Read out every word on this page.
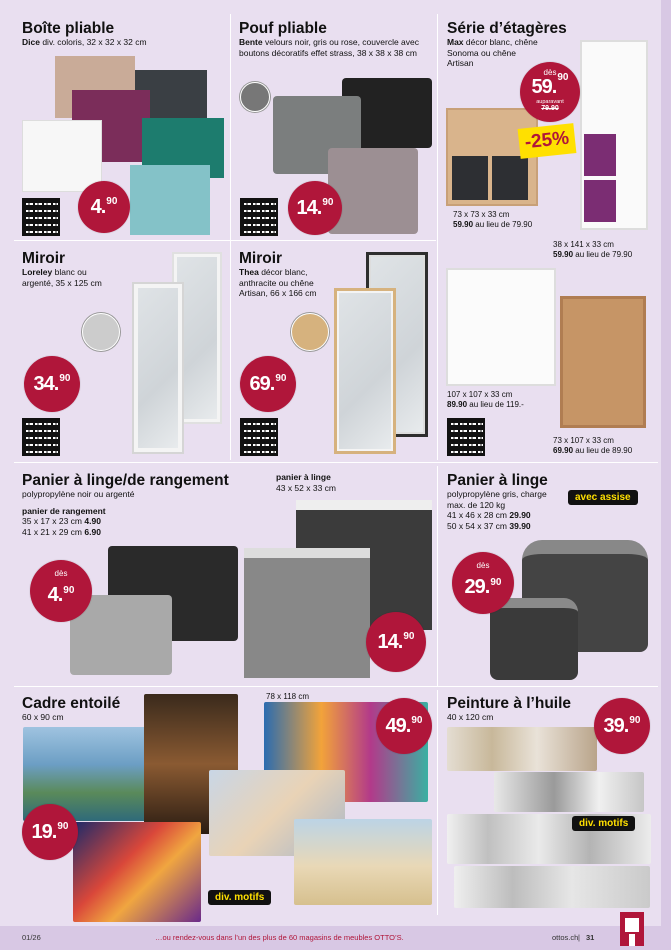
Boîte pliable
Dice div. coloris, 32 x 32 x 32 cm
4.90
Pouf pliable
Bente velours noir, gris ou rose, couvercle avec boutons décoratifs effet strass, 38 x 38 x 38 cm
14.90
Série d’étagères
Max décor blanc, chêne Sonoma ou chêne Artisan
dès
59.90
auparavant
79.90
-25%
73 x 73 x 33 cm
59.90 au lieu de 79.90
38 x 141 x 33 cm
59.90 au lieu de 79.90
107 x 107 x 33 cm
89.90 au lieu de 119.-
73 x 107 x 33 cm
69.90 au lieu de 89.90
Miroir
Loreley blanc ou argenté, 35 x 125 cm
34.90
Miroir
Thea décor blanc, anthracite ou chêne Artisan, 66 x 166 cm
69.90
Panier à linge/de rangement
polypropylène noir ou argenté
panier de rangement
35 x 17 x 23 cm 4.90
41 x 21 x 29 cm 6.90
panier à linge
43 x 52 x 33 cm
dès
4.90
14.90
Panier à linge
polypropylène gris, charge max. de 120 kg
41 x 46 x 28 cm 29.90
50 x 54 x 37 cm 39.90
avec assise
dès
29.90
Cadre entoilé
60 x 90 cm
78 x 118 cm
19.90
49.90
div. motifs
Peinture à l’huile
40 x 120 cm	39.90
div. motifs
01/26	…ou rendez-vous dans l’un des plus de 60 magasins de meubles OTTO’S.	ottos.ch | 31
